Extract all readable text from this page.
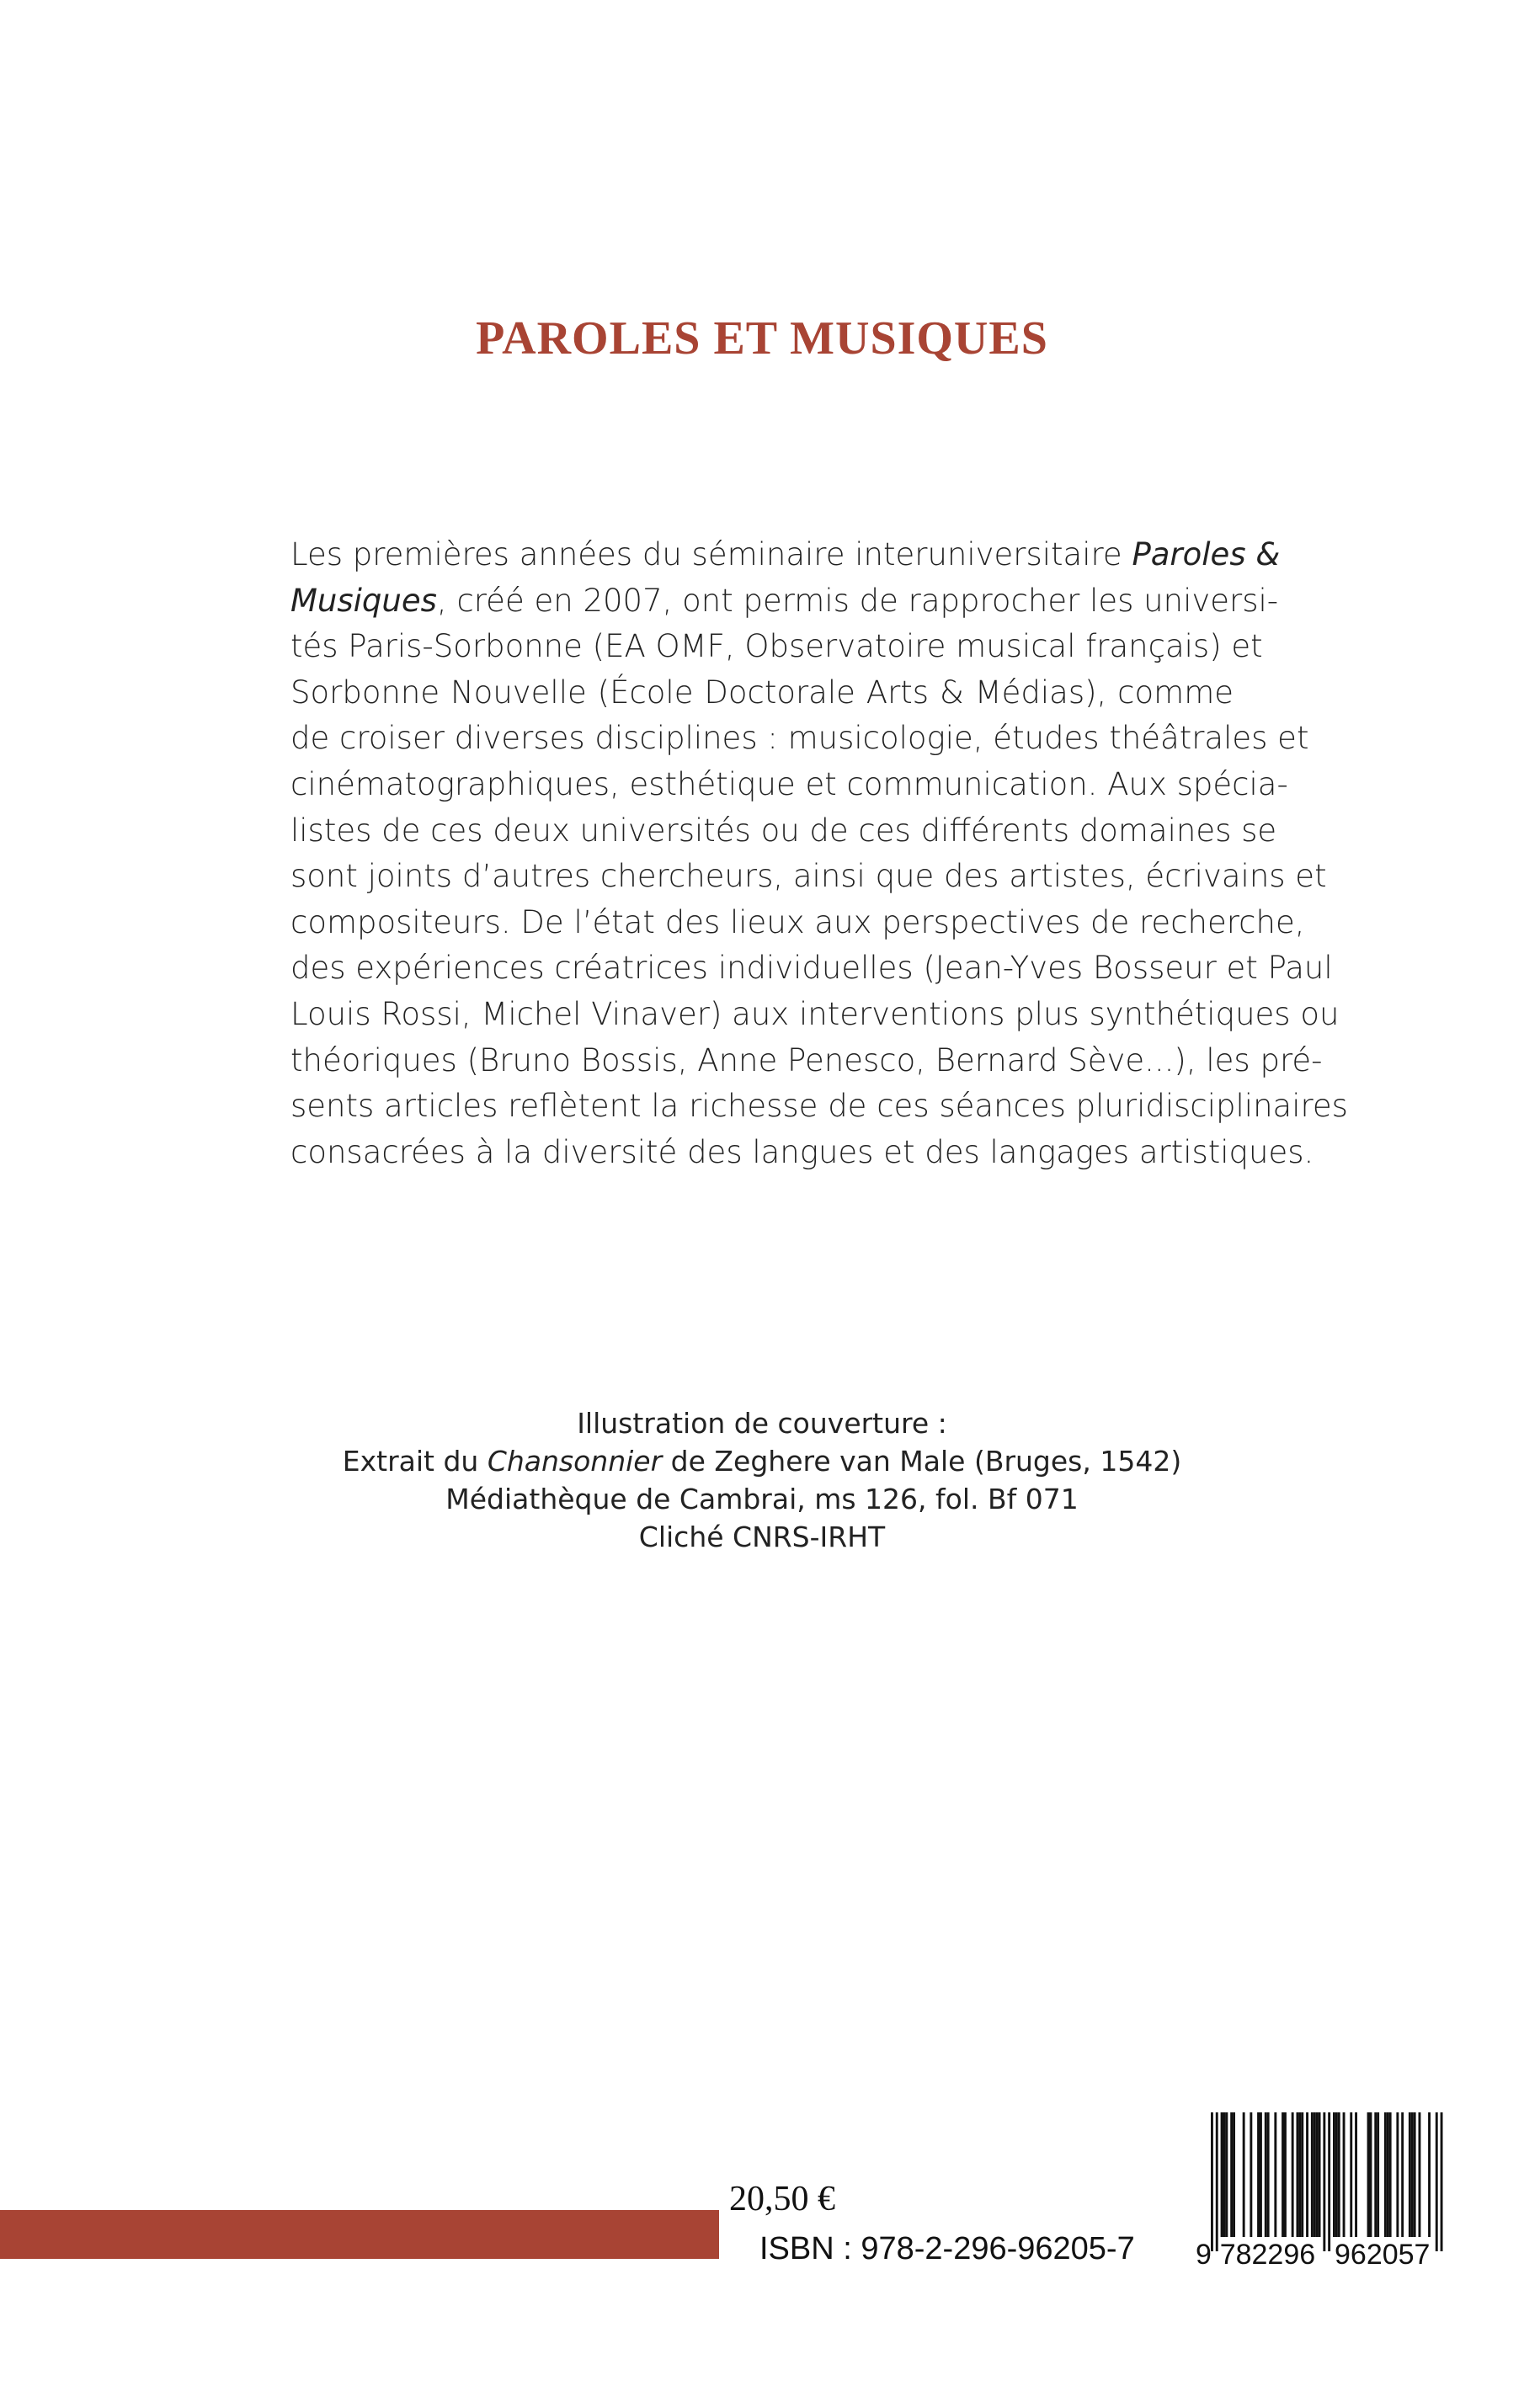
PAROLES ET MUSIQUES
Les premières années du séminaire interuniversitaire Paroles &
Musiques, créé en 2007, ont permis de rapprocher les universi-
tés Paris-Sorbonne (EA OMF, Observatoire musical français) et
Sorbonne Nouvelle (École Doctorale Arts & Médias), comme
de croiser diverses disciplines : musicologie, études théâtrales et
cinématographiques, esthétique et communication. Aux spécia-
listes de ces deux universités ou de ces différents domaines se
sont joints d’autres chercheurs, ainsi que des artistes, écrivains et
compositeurs. De l’état des lieux aux perspectives de recherche,
des expériences créatrices individuelles (Jean-Yves Bosseur et Paul
Louis Rossi, Michel Vinaver) aux interventions plus synthétiques ou
théoriques (Bruno Bossis, Anne Penesco, Bernard Sève...), les pré-
sents articles reflètent la richesse de ces séances pluridisciplinaires
consacrées à la diversité des langues et des langages artistiques.
Illustration de couverture :
Extrait du Chansonnier de Zeghere van Male (Bruges, 1542)
Médiathèque de Cambrai, ms 126, fol. Bf 071
Cliché CNRS-IRHT
20,50 €
ISBN : 978-2-296-96205-7 9 782296 962057
